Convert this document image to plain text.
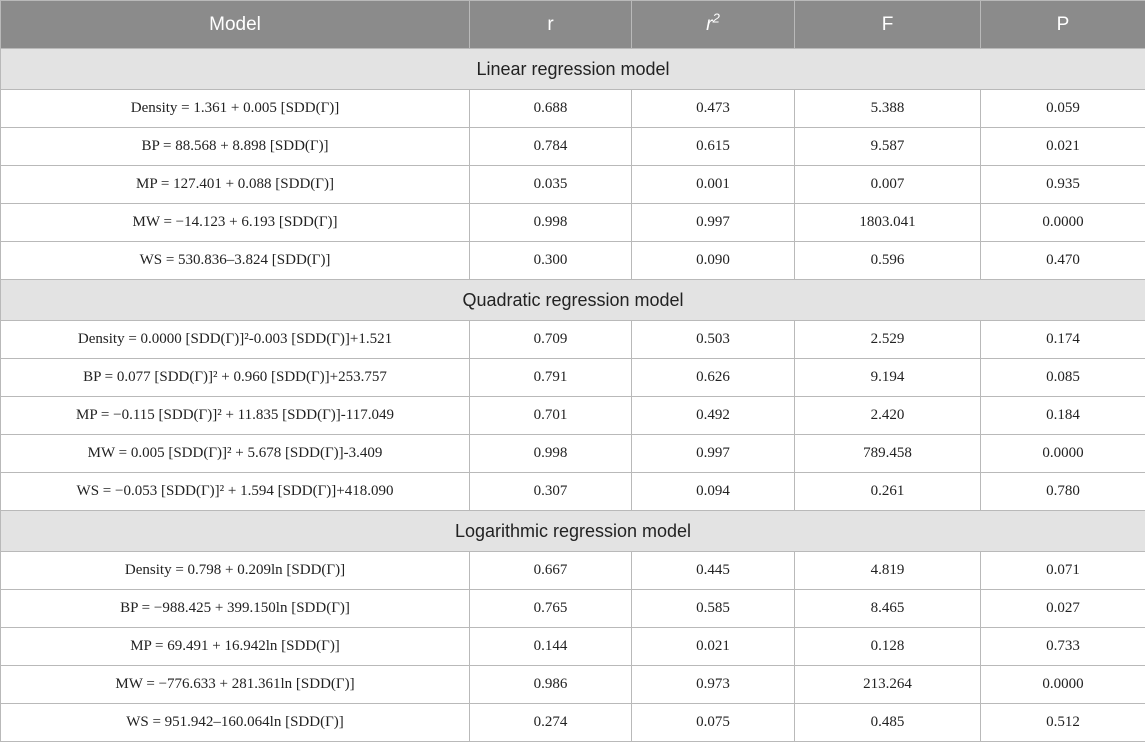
Model	r	$r^2$	F	P
Linear regression model				
Density = 1.361 + 0.005 [SDD(Γ)]	0.688	0.473	5.388	0.059
BP = 88.568 + 8.898 [SDD(Γ)]	0.784	0.615	9.587	0.021
MP = 127.401 + 0.088 [SDD(Γ)]	0.035	0.001	0.007	0.935
MW = −14.123 + 6.193 [SDD(Γ)]	0.998	0.997	1803.041	0.0000
WS = 530.836–3.824 [SDD(Γ)]	0.300	0.090	0.596	0.470
Quadratic regression model				
Density = 0.0000 [SDD(Γ)]²-0.003 [SDD(Γ)]+1.521	0.709	0.503	2.529	0.174
BP = 0.077 [SDD(Γ)]² + 0.960 [SDD(Γ)]+253.757	0.791	0.626	9.194	0.085
MP = −0.115 [SDD(Γ)]² + 11.835 [SDD(Γ)]-117.049	0.701	0.492	2.420	0.184
MW = 0.005 [SDD(Γ)]² + 5.678 [SDD(Γ)]-3.409	0.998	0.997	789.458	0.0000
WS = −0.053 [SDD(Γ)]² + 1.594 [SDD(Γ)]+418.090	0.307	0.094	0.261	0.780
Logarithmic regression model				
Density = 0.798 + 0.209ln [SDD(Γ)]	0.667	0.445	4.819	0.071
BP = −988.425 + 399.150ln [SDD(Γ)]	0.765	0.585	8.465	0.027
MP = 69.491 + 16.942ln [SDD(Γ)]	0.144	0.021	0.128	0.733
MW = −776.633 + 281.361ln [SDD(Γ)]	0.986	0.973	213.264	0.0000
WS = 951.942–160.064ln [SDD(Γ)]	0.274	0.075	0.485	0.512
